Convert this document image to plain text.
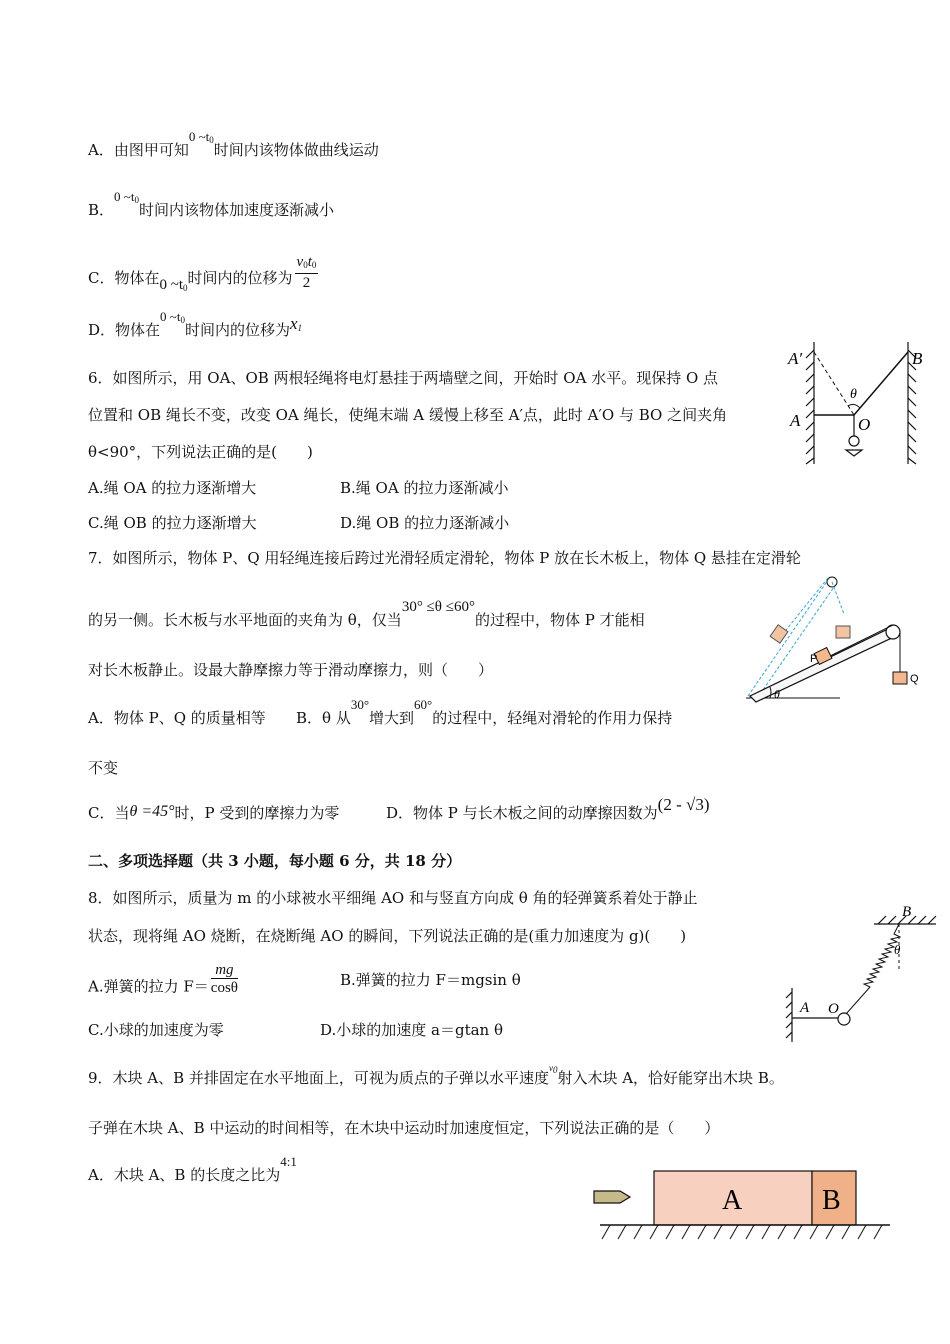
A．由图甲可知0 $\sim t_0$时间内该物体做曲线运动
B．0 $\sim t_0$时间内该物体加速度逐渐减小
C．物体在0 $\sim t_0$时间内的位移为 $\frac{v_0t_0}{2}$
D．物体在0 $\sim t_0$时间内的位移为$x_1$
6．如图所示，用 OA、OB 两根轻绳将电灯悬挂于两墙壁之间，开始时 OA 水平。现保持 O 点
位置和 OB 绳长不变，改变 OA 绳长，使绳末端 A 缓慢上移至 A′点，此时 A′O 与 BO 之间夹角
θ<90°，下列说法正确的是(　　)
A.绳 OA 的拉力逐渐增大	B.绳 OA 的拉力逐渐减小
C.绳 OB 的拉力逐渐增大	D.绳 OB 的拉力逐渐减小
A′
A
B
O
θ
7．如图所示，物体 P、Q 用轻绳连接后跨过光滑轻质定滑轮，物体 P 放在长木板上，物体 Q 悬挂在定滑轮
的另一侧。长木板与水平地面的夹角为 θ，仅当30° ≤θ ≤60°的过程中，物体 P 才能相
对长木板静止。设最大静摩擦力等于滑动摩擦力，则（　　）
A．物体 P、Q 的质量相等 B．θ 从30°增大到60°的过程中，轻绳对滑轮的作用力保持
不变
C．当θ =45°时，P 受到的摩擦力为零	D．物体 P 与长木板之间的动摩擦因数为(2 - √3)
P
Q
θ
二、多项选择题（共 3 小题，每小题 6 分，共 18 分）
8．如图所示，质量为 m 的小球被水平细绳 AO 和与竖直方向成 θ 角的轻弹簧系着处于静止
状态，现将绳 AO 烧断，在烧断绳 AO 的瞬间，下列说法正确的是(重力加速度为 g)(　　)
A.弹簧的拉力 $F= \frac{mg}{\cos\theta}$	B.弹簧的拉力 F＝mgsin θ
C.小球的加速度为零	D.小球的加速度 a＝gtan θ
A O
B
θ
9．木块 A、B 并排固定在水平地面上，可视为质点的子弹以水平速度$^{v0}$射入木块 A，恰好能穿出木块 B。
子弹在木块 A、B 中运动的时间相等，在木块中运动时加速度恒定，下列说法正确的是（　　）
A．木块 A、B 的长度之比为4:1
A	B
